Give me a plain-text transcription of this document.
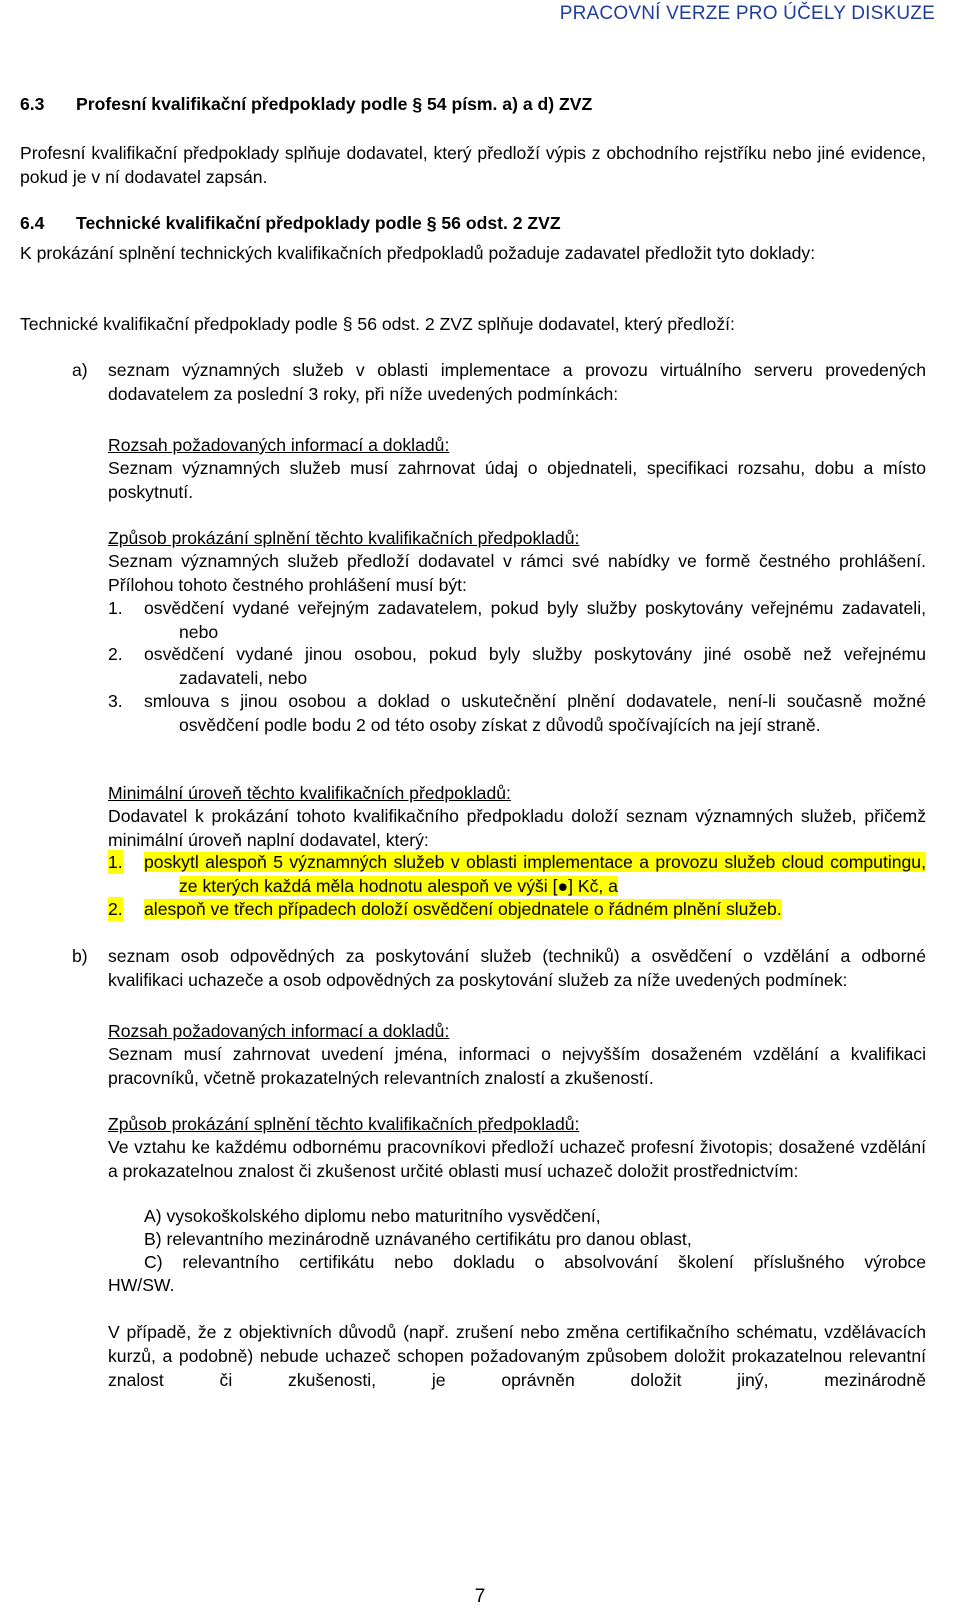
PRACOVNÍ VERZE PRO ÚČELY DISKUZE
6.3 Profesní kvalifikační předpoklady podle § 54 písm. a) a d) ZVZ
Profesní kvalifikační předpoklady splňuje dodavatel, který předloží výpis z obchodního rejstříku nebo jiné evidence, pokud je v ní dodavatel zapsán.
6.4 Technické kvalifikační předpoklady podle § 56 odst. 2 ZVZ
K prokázání splnění technických kvalifikačních předpokladů požaduje zadavatel předložit tyto doklady:
Technické kvalifikační předpoklady podle § 56 odst. 2 ZVZ splňuje dodavatel, který předloží:
a)	seznam významných služeb v oblasti implementace a provozu virtuálního serveru provedených dodavatelem za poslední 3 roky, při níže uvedených podmínkách:
Rozsah požadovaných informací a dokladů:
Seznam významných služeb musí zahrnovat údaj o objednateli, specifikaci rozsahu, dobu a místo poskytnutí.
Způsob prokázání splnění těchto kvalifikačních předpokladů:
Seznam významných služeb předloží dodavatel v rámci své nabídky ve formě čestného prohlášení. Přílohou tohoto čestného prohlášení musí být:
1. osvědčení vydané veřejným zadavatelem, pokud byly služby poskytovány veřejnému zadavateli, nebo
2. osvědčení vydané jinou osobou, pokud byly služby poskytovány jiné osobě než veřejnému zadavateli, nebo
3. smlouva s jinou osobou a doklad o uskutečnění plnění dodavatele, není-li současně možné osvědčení podle bodu 2 od této osoby získat z důvodů spočívajících na její straně.
Minimální úroveň těchto kvalifikačních předpokladů:
Dodavatel k prokázání tohoto kvalifikačního předpokladu doloží seznam významných služeb, přičemž minimální úroveň naplní dodavatel, který:
1. poskytl alespoň 5 významných služeb v oblasti implementace a provozu služeb cloud computingu, ze kterých každá měla hodnotu alespoň ve výši [●] Kč, a
2. alespoň ve třech případech doloží osvědčení objednatele o řádném plnění služeb.
b)	seznam osob odpovědných za poskytování služeb (techniků) a osvědčení o vzdělání a odborné kvalifikaci uchazeče a osob odpovědných za poskytování služeb za níže uvedených podmínek:
Rozsah požadovaných informací a dokladů:
Seznam musí zahrnovat uvedení jména, informaci o nejvyšším dosaženém vzdělání a kvalifikaci pracovníků, včetně prokazatelných relevantních znalostí a zkušeností.
Způsob prokázání splnění těchto kvalifikačních předpokladů:
Ve vztahu ke každému odbornému pracovníkovi předloží uchazeč profesní životopis; dosažené vzdělání a prokazatelnou znalost či zkušenost určité oblasti musí uchazeč doložit prostřednictvím:
A) vysokoškolského diplomu nebo maturitního vysvědčení,
B) relevantního mezinárodně uznávaného certifikátu pro danou oblast,
C) relevantního certifikátu nebo dokladu o absolvování školení příslušného výrobce
HW/SW.
V případě, že z objektivních důvodů (např. zrušení nebo změna certifikačního schématu, vzdělávacích kurzů, a podobně) nebude uchazeč schopen požadovaným způsobem doložit prokazatelnou relevantní znalost či zkušenosti, je oprávněn doložit jiný, mezinárodně
7
